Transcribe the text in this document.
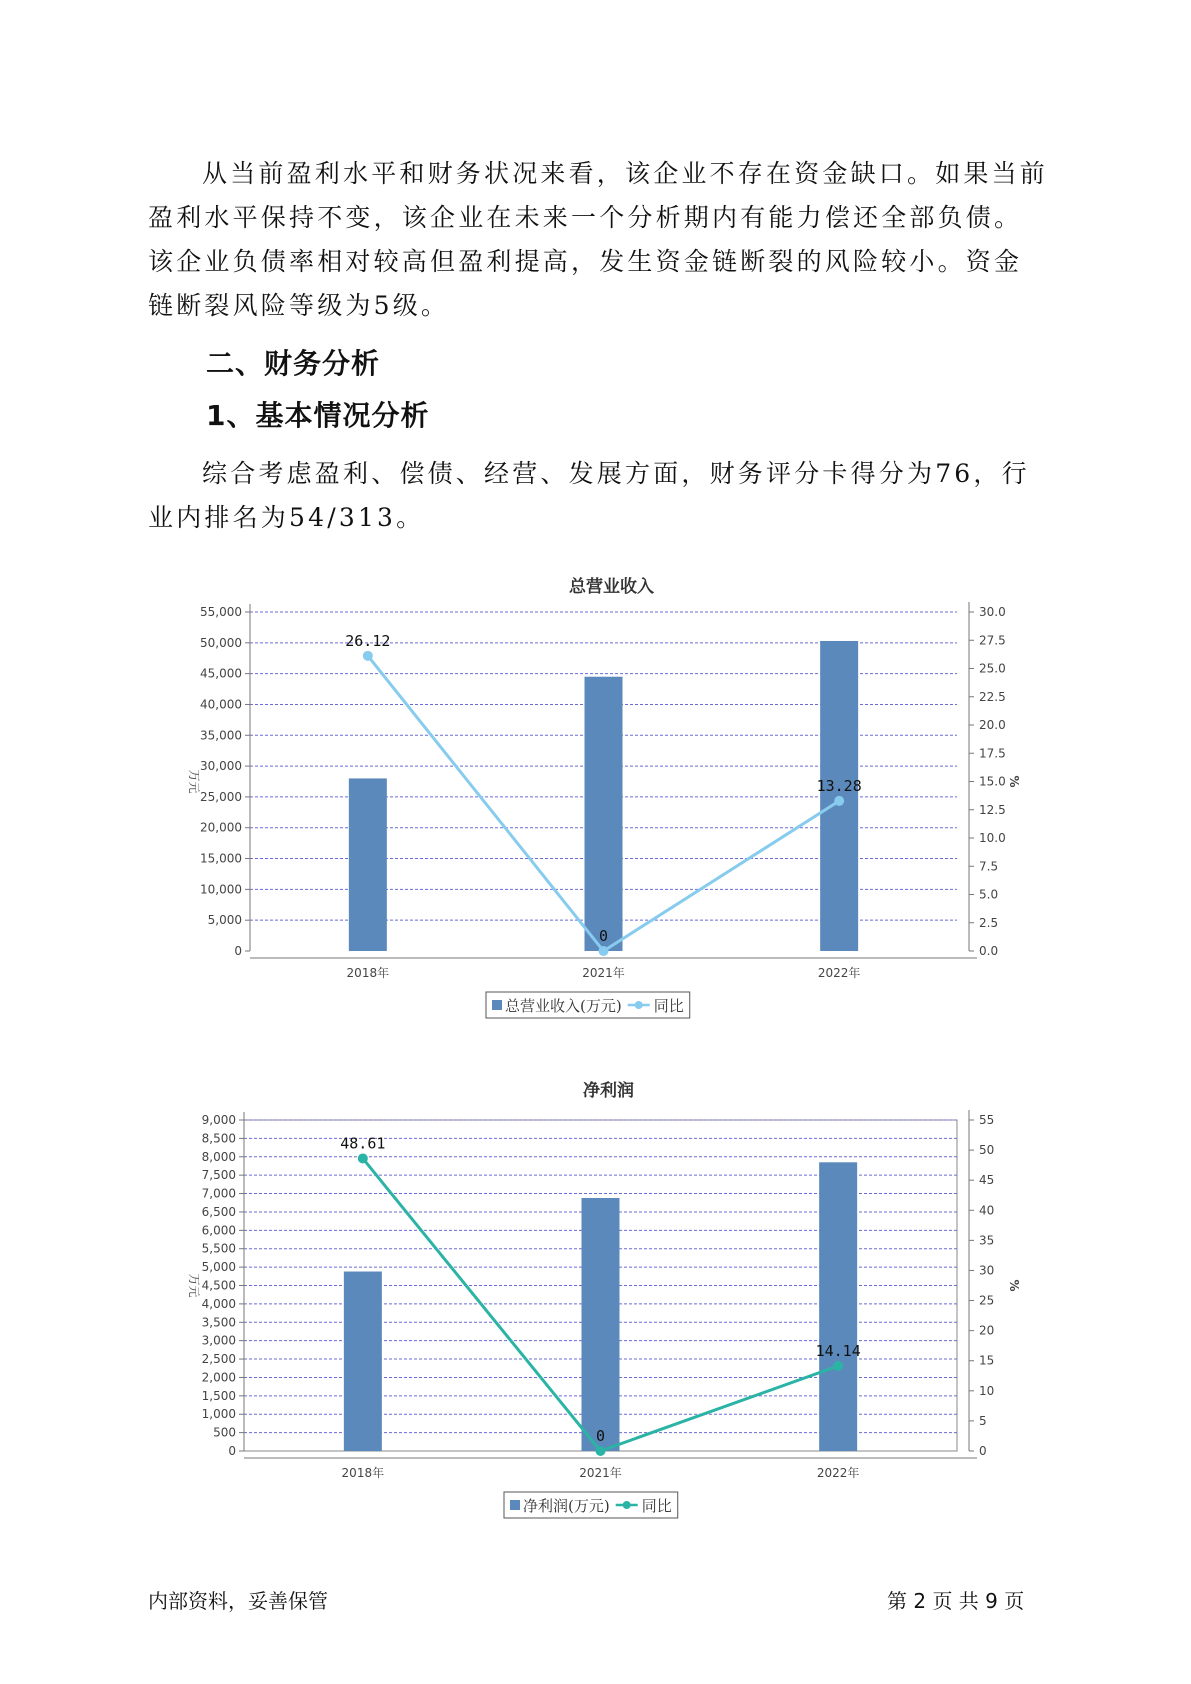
从当前盈利水平和财务状况来看，该企业不存在资金缺口。如果当前盈利水平保持不变，该企业在未来一个分析期内有能力偿还全部负债。该企业负债率相对较高但盈利提高，发生资金链断裂的风险较小。资金链断裂风险等级为5级。

二、财务分析
1、基本情况分析

综合考虑盈利、偿债、经营、发展方面，财务评分卡得分为76，行业内排名为54/313。

总营业收入
0
5,000
10,000
15,000
20,000
25,000
30,000
35,000
40,000
45,000
50,000
55,000
0.0
2.5
5.0
7.5
10.0
12.5
15.0
17.5
20.0
22.5
25.0
27.5
30.0
万元	%
2018年	2021年	2022年
26.12
0
13.28
总营业收入(万元) 同比
净利润
0
500
1,000
1,500
2,000
2,500
3,000
3,500
4,000
4,500
5,000
5,500
6,000
6,500
7,000
7,500
8,000
8,500
9,000
0
5
10
15
20
25
30
35
40
45
50
55
万元	%
2018年	2021年	2022年
48.61
0
14.14
净利润(万元) 同比
内部资料，妥善保管	第 2 页 共 9 页
